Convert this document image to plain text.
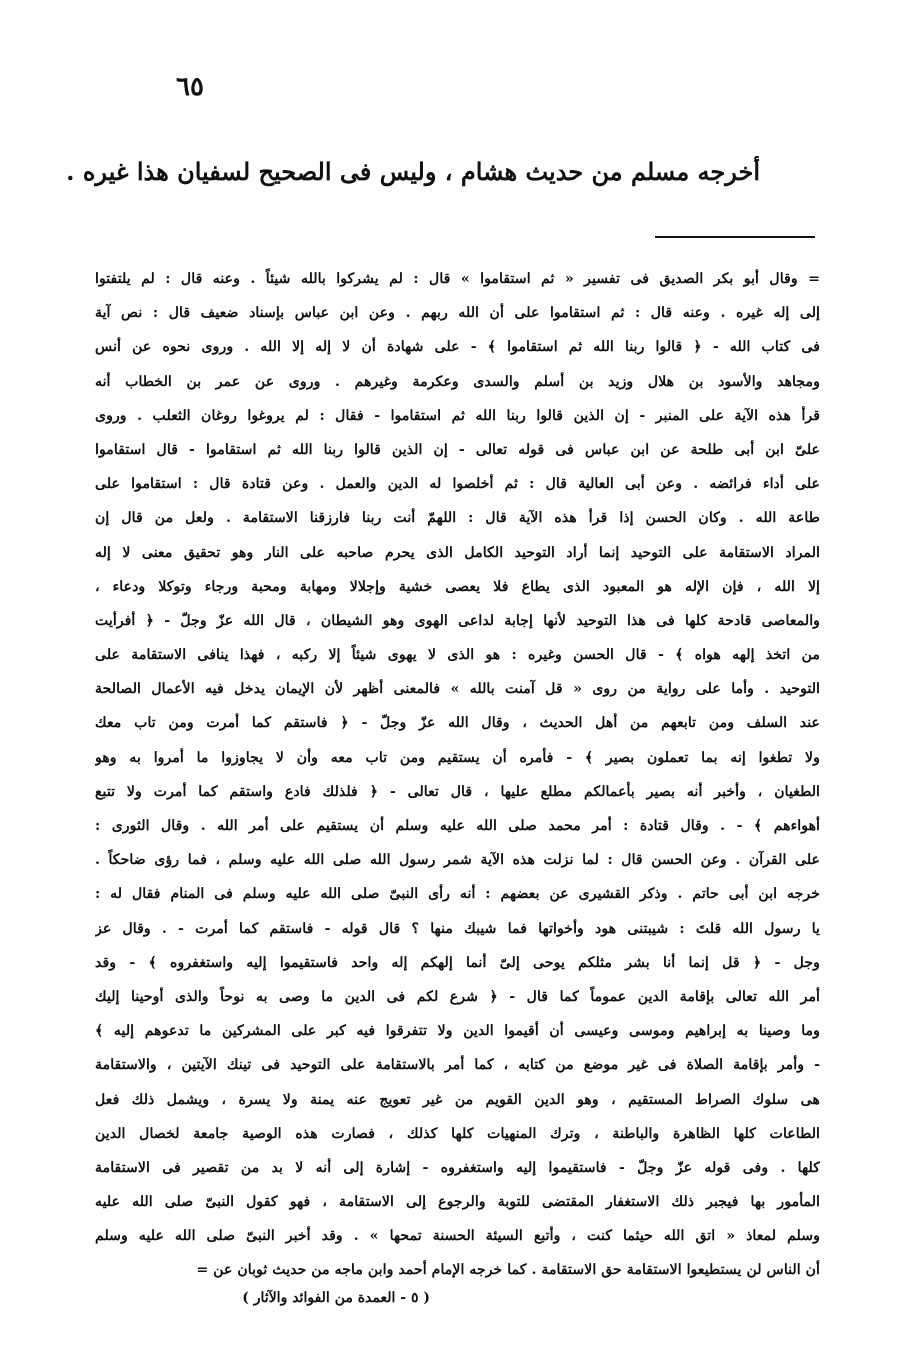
٦٥
أخرجه مسلم من حديث هشام ، وليس فى الصحيح لسفيان هذا غيره .
= وقال أبو بكر الصديق فى تفسير « ثم استقاموا » قال : لم يشركوا بالله شيئاً . وعنه قال : لم يلتفتوا
إلى إله غيره . وعنه قال : ثم استقاموا على أن الله ربهم . وعن ابن عباس بإسناد ضعيف قال : نص آية
فى كتاب الله - ﴿ قالوا ربنا الله ثم استقاموا ﴾ - على شهادة أن لا إله إلا الله . وروى نحوه عن أنس
ومجاهد والأسود بن هلال وزيد بن أسلم والسدى وعكرمة وغيرهم . وروى عن عمر بن الخطاب أنه
قرأ هذه الآية على المنبر - إن الذين قالوا ربنا الله ثم استقاموا - فقال : لم يروغوا روغان الثعلب . وروى
علىّ ابن أبى طلحة عن ابن عباس فى قوله تعالى - إن الذين قالوا ربنا الله ثم استقاموا - قال استقاموا
على أداء فرائضه . وعن أبى العالية قال : ثم أخلصوا له الدين والعمل . وعن قتادة قال : استقاموا على
طاعة الله . وكان الحسن إذا قرأ هذه الآية قال : اللهمّ أنت ربنا فارزقنا الاستقامة . ولعل من قال إن
المراد الاستقامة على التوحيد إنما أراد التوحيد الكامل الذى يحرم صاحبه على النار وهو تحقيق معنى لا إله
إلا الله ، فإن الإله هو المعبود الذى يطاع فلا يعصى خشية وإجلالا ومهابة ومحبة ورجاء وتوكلا ودعاء ،
والمعاصى قادحة كلها فى هذا التوحيد لأنها إجابة لداعى الهوى وهو الشيطان ، قال الله عزّ وجلّ - ﴿ أفرأيت
من اتخذ إلهه هواه ﴾ - قال الحسن وغيره : هو الذى لا يهوى شيئاً إلا ركبه ، فهذا ينافى الاستقامة على
التوحيد . وأما على رواية من روى « قل آمنت بالله » فالمعنى أظهر لأن الإيمان يدخل فيه الأعمال الصالحة
عند السلف ومن تابعهم من أهل الحديث ، وقال الله عزّ وجلّ - ﴿ فاستقم كما أمرت ومن تاب معك
ولا تطغوا إنه بما تعملون بصير ﴾ - فأمره أن يستقيم ومن تاب معه وأن لا يجاوزوا ما أمروا به وهو
الطغيان ، وأخبر أنه بصير بأعمالكم مطلع عليها ، قال تعالى - ﴿ فلذلك فادع واستقم كما أمرت ولا تتبع
أهواءهم ﴾ - . وقال قتادة : أمر محمد صلى الله عليه وسلم أن يستقيم على أمر الله . وقال الثورى :
على القرآن . وعن الحسن قال : لما نزلت هذه الآية شمر رسول الله صلى الله عليه وسلم ، فما رؤى ضاحكاً .
خرجه ابن أبى حاتم . وذكر القشيرى عن بعضهم : أنه رأى النبىّ صلى الله عليه وسلم فى المنام فقال له :
يا رسول الله قلتَ : شيبتنى هود وأخواتها فما شيبك منها ؟ قال قوله - فاستقم كما أمرت - . وقال عز
وجل - ﴿ قل إنما أنا بشر مثلكم يوحى إلىّ أنما إلهكم إله واحد فاستقيموا إليه واستغفروه ﴾ - وقد
أمر الله تعالى بإقامة الدين عموماً كما قال - ﴿ شرع لكم فى الدين ما وصى به نوحاً والذى أوحينا إليك
وما وصينا به إبراهيم وموسى وعيسى أن أقيموا الدين ولا تتفرقوا فيه كبر على المشركين ما تدعوهم إليه ﴾
- وأمر بإقامة الصلاة فى غير موضع من كتابه ، كما أمر بالاستقامة على التوحيد فى تينك الآيتين ، والاستقامة
هى سلوك الصراط المستقيم ، وهو الدين القويم من غير تعويج عنه يمنة ولا يسرة ، ويشمل ذلك فعل
الطاعات كلها الظاهرة والباطنة ، وترك المنهيات كلها كذلك ، فصارت هذه الوصية جامعة لخصال الدين
كلها . وفى قوله عزّ وجلّ - فاستقيموا إليه واستغفروه - إشارة إلى أنه لا بد من تقصير فى الاستقامة
المأمور بها فيجبر ذلك الاستغفار المقتضى للتوبة والرجوع إلى الاستقامة ، فهو كقول النبىّ صلى الله عليه
وسلم لمعاذ « اتق الله حيثما كنت ، وأتبع السيئة الحسنة تمحها » . وقد أخبر النبىّ صلى الله عليه وسلم
أن الناس لن يستطيعوا الاستقامة حق الاستقامة . كما خرجه الإمام أحمد وابن ماجه من حديث ثوبان عن =
( ٥ - العمدة من الفوائد والآثار )
